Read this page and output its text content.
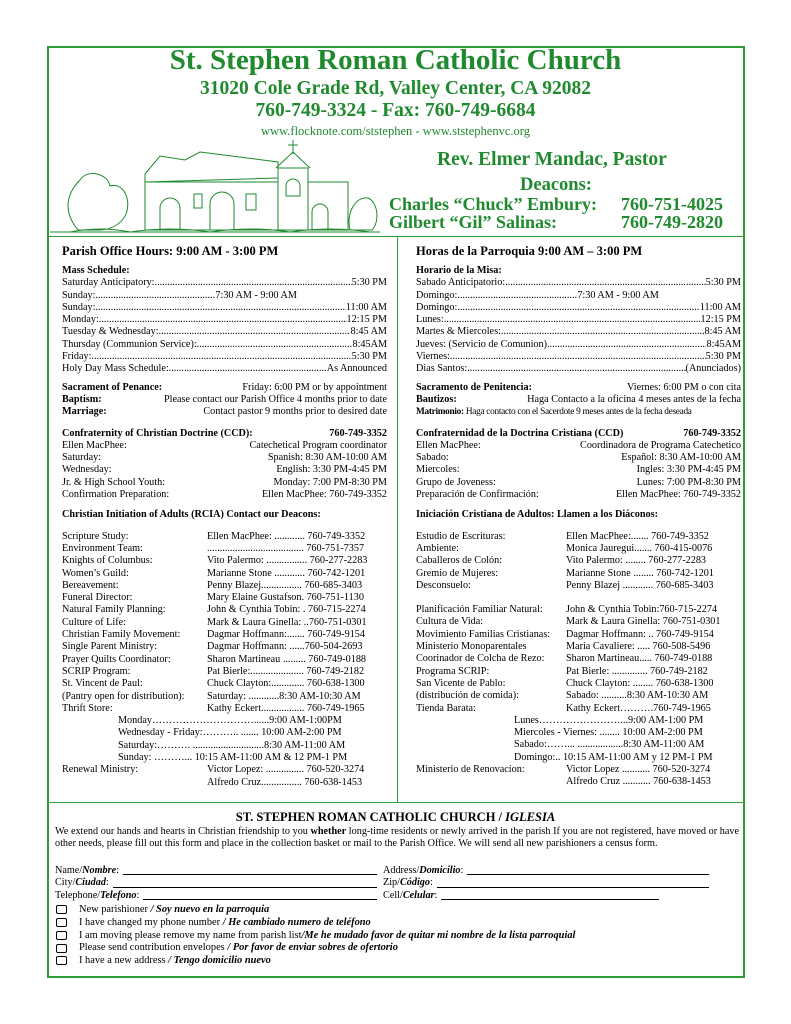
St. Stephen Roman Catholic Church
31020 Cole Grade Rd, Valley Center, CA 92082
760-749-3324 - Fax: 760-749-6684
www.flocknote.com/ststephen - www.ststephenvc.org
Rev. Elmer Mandac, Pastor
Deacons:
Charles “Chuck” Embury: 760-751-4025
Gilbert “Gil” Salinas:	760-749-2820
Parish Office Hours: 9:00 AM - 3:00 PM
Mass Schedule:
Saturday Anticipatory: .....	5:30 PM
Sunday: .....	7:30 AM - 9:00 AM
Sunday: .....	11:00 AM
Monday: .....	12:15 PM
Tuesday & Wednesday: .....	8:45 AM
Thursday (Communion Service): .....	8:45AM
Friday: .....	5:30 PM
Holy Day Mass Schedule: .....	As Announced
Sacrament of Penance:	Friday: 6:00 PM or by appointment
Baptism:	Please contact our Parish Office 4 months prior to date
Marriage:	Contact pastor 9 months prior to desired date
Confraternity of Christian Doctrine (CCD):	760-749-3352
Ellen MacPhee:	Catechetical Program coordinator
Saturday:	Spanish: 8:30 AM-10:00 AM
Wednesday:	English: 3:30 PM-4:45 PM
Jr. & High School Youth:	Monday: 7:00 PM-8:30 PM
Confirmation Preparation:	Ellen MacPhee: 760-749-3352
Christian Initiation of Adults (RCIA) Contact our Deacons:
Scripture Study:	Ellen MacPhee: ............ 760-749-3352
Environment Team:	...................................... 760-751-7357
Knights of Columbus:	Vito Palermo: ................ 760-277-2283
Women’s Guild:	Marianne Stone ............ 760-742-1201
Bereavement:	Penny Blazej................ 760-685-3403
Funeral Director:	Mary Elaine Gustafson. 760-751-1130
Natural Family Planning:	John & Cynthia Tobin: . 760-715-2274
Culture of Life:	Mark & Laura Ginella: ..760-751-0301
Christian Family Movement:	Dagmar Hoffmann:....... 760-749-9154
Single Parent Ministry:	Dagmar Hoffmann: ......760-504-2693
Prayer Quilts Coordinator:	Sharon Martineau ......... 760-749-0188
SCRIP Program:	Pat Bierle:..................... 760-749-2182
St. Vincent de Paul:	Chuck Clayton:............. 760-638-1300
(Pantry open for distribution):	Saturday: ............8:30 AM-10:30 AM
Thrift Store:	Kathy Eckert................. 760-749-1965
Monday…………………………......9:00 AM-1:00PM
Wednesday - Friday:……….. ....... 10:00 AM-2:00 PM
Saturday:………. ............................8:30 AM-11:00 AM
Sunday: ………... 10:15 AM-11:00 AM & 12 PM-1 PM
Renewal Ministry:	Victor Lopez: ............... 760-520-3274
Alfredo Cruz................ 760-638-1453
Horas de la Parroquia 9:00 AM – 3:00 PM
Horario de la Misa:
Sabado Anticipatorio: .....	5:30 PM
Domingo: .....	7:30 AM - 9:00 AM
Domingo: .....	11:00 AM
Lunes: .....	12:15 PM
Martes & Miercoles: .....	8:45 AM
Jueves: (Servicio de Comunion) .....	8:45AM
Viernes: .....	5:30 PM
Dias Santos: .....	(Anunciados)
Sacramento de Penitencia:	Viernes: 6:00 PM o con cita
Bautizos:	Haga Contacto a la oficina 4 meses antes de la fecha
Matrimonio: Haga contacto con el Sacerdote 9 meses antes de la fecha deseada
Confraternidad de la Doctrina Cristiana (CCD)	760-749-3352
Ellen MacPhee:	Coordinadora de Programa Catechetico
Sabado:	Español: 8:30 AM-10:00 AM
Miercoles:	Ingles: 3:30 PM-4:45 PM
Grupo de Joveness:	Lunes: 7:00 PM-8:30 PM
Preparación de Confirmación:	Ellen MacPhee: 760-749-3352
Iniciación Cristiana de Adultos: Llamen a los Diáconos:
Estudio de Escrituras:	Ellen MacPhee:....... 760-749-3352
Ambiente:	Monica Jauregui....... 760-415-0076
Caballeros de Colón:	Vito Palermo: ........ 760-277-2283
Gremio de Mujeres:	Marianne Stone ........ 760-742-1201
Desconsuelo:	Penny Blazej ............ 760-685-3403
Planificación Familiar Natural:	John & Cynthia Tobin:760-715-2274
Cultura de Vida:	Mark & Laura Ginella: 760-751-0301
Movimiento Familias Cristianas:	Dagmar Hoffmann: .. 760-749-9154
Ministerio Monoparentales	Maria Cavaliere: ..... 760-508-5496
Coorinador de Colcha de Rezo:	Sharon Martineau..... 760-749-0188
Programa SCRIP:	Pat Bierle: .............. 760-749-2182
San Vicente de Pablo:	Chuck Clayton: ........ 760-638-1300
(distribución de comida):	Sabado: ..........8:30 AM-10:30 AM
Tienda Barata:	Kathy Eckert……….760-749-1965
Lunes……………………...9:00 AM-1:00 PM
Miercoles - Viernes: ........ 10:00 AM-2:00 PM
Sabado:……... ..................8:30 AM-11:00 AM
Domingo:.. 10:15 AM-11:00 AM y 12 PM-1 PM
Ministerio de Renovacion:	Victor Lopez ........... 760-520-3274
Alfredo Cruz ........... 760-638-1453
ST. STEPHEN ROMAN CATHOLIC CHURCH / IGLESIA
We extend our hands and hearts in Christian friendship to you whether long-time residents or newly arrived in the parish If you are not registered, have moved or have other needs, please fill out this form and place in the collection basket or mail to the Parish Office. We will send all new parishioners a census form.
Name/ Nombre :	Address/ Domicilio :
City/ Ciudad :	Zip/ Código :
Telephone/ Telefono :	Cell/ Celular :
New parishioner / Soy nuevo en la parroquia
I have changed my phone number / He cambiado numero de teléfono
I am moving please remove my name from parish list/Me he mudado favor de quitar mi nombre de la lista parroquial
Please send contribution envelopes / Por favor de enviar sobres de ofertorio
I have a new address / Tengo domicilio nuevo
